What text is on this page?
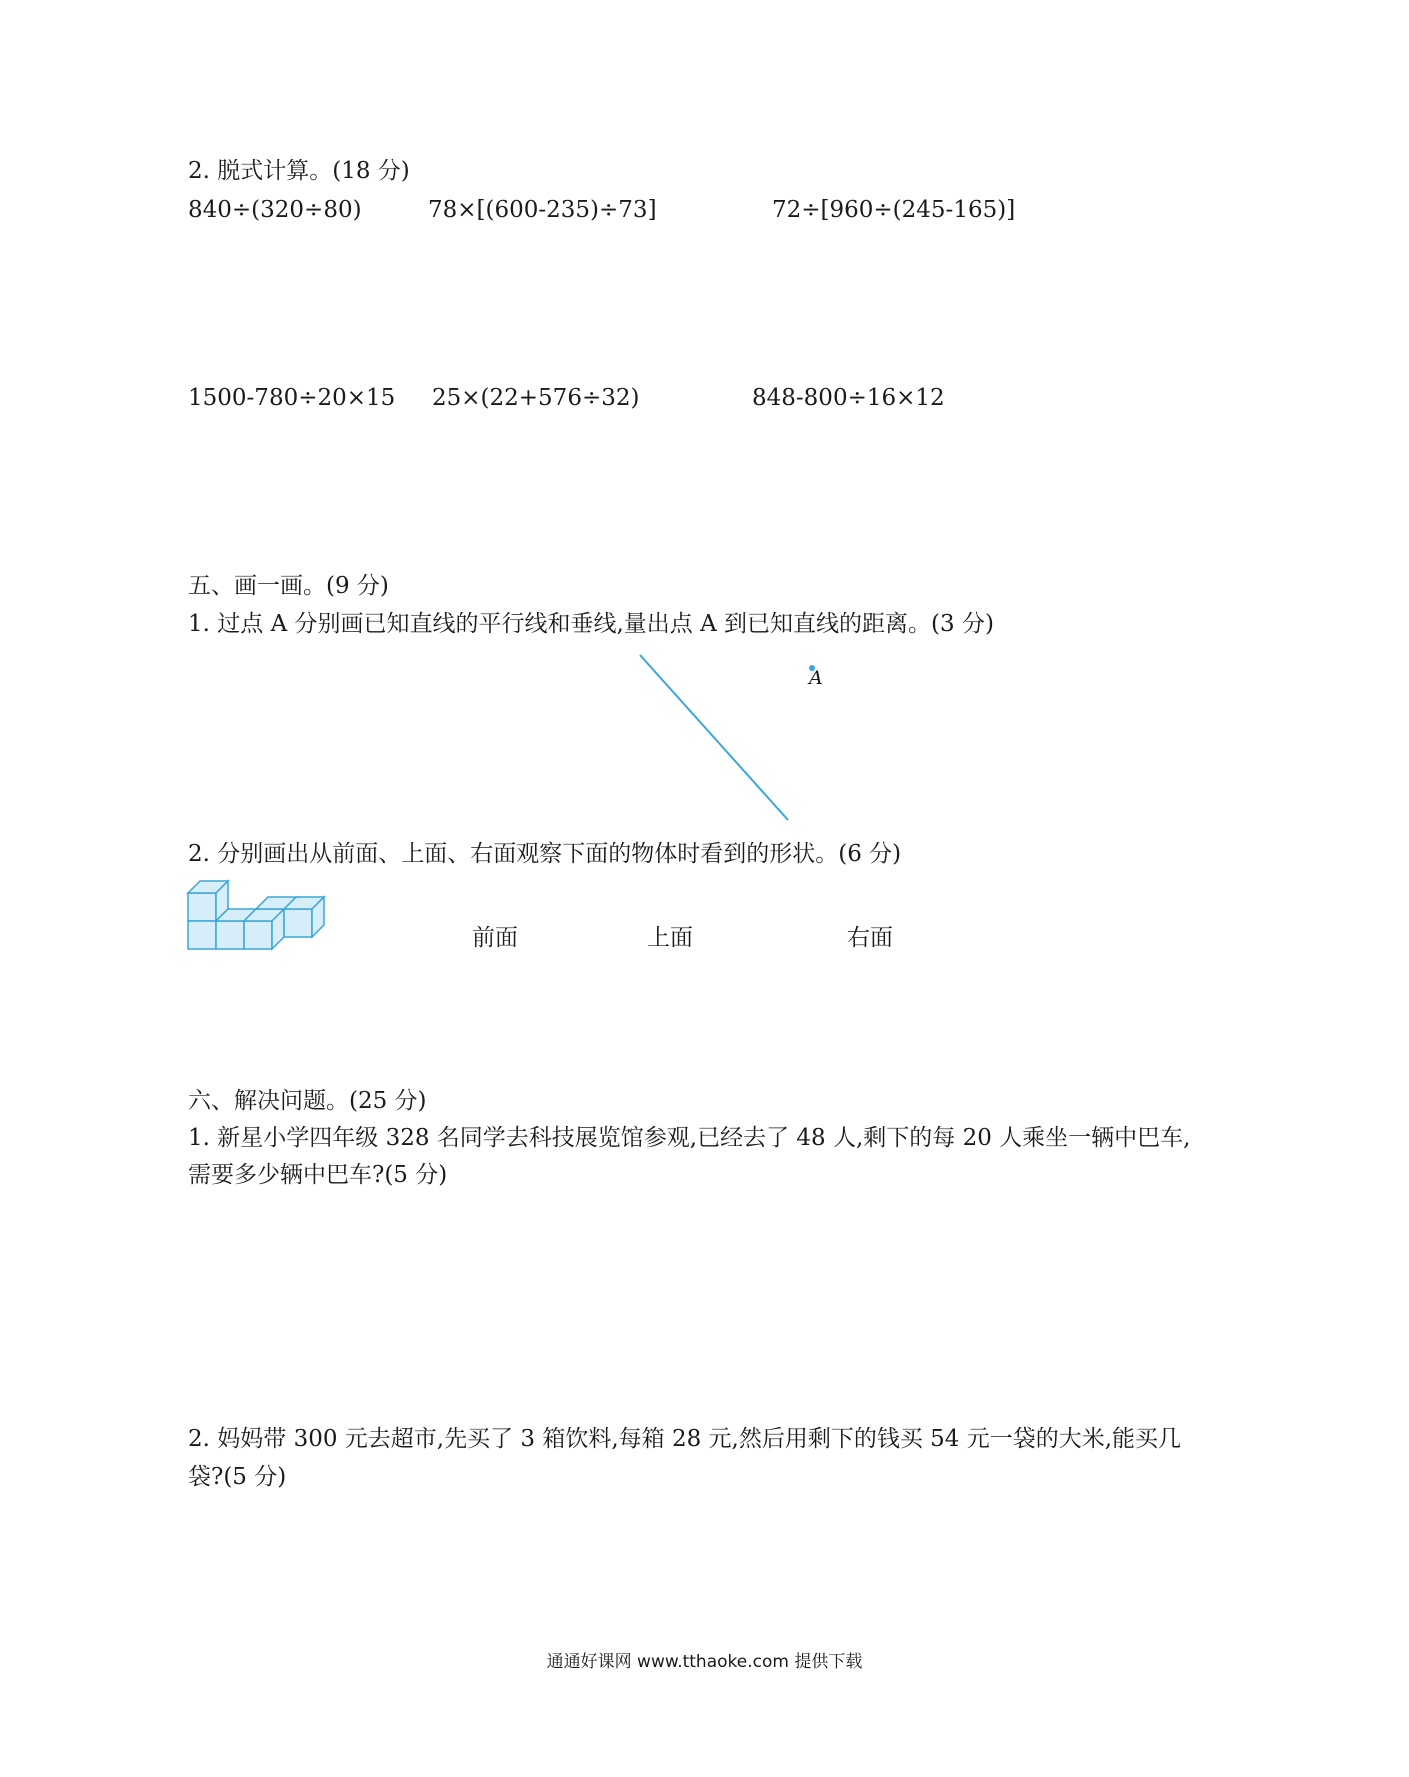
2. 脱式计算。(18 分)
840÷(320÷80)	78×[(600-235)÷73]	72÷[960÷(245-165)]
1500-780÷20×15 25×(22+576÷32)	848-800÷16×12
五、画一画。(9 分)
1. 过点 A 分别画已知直线的平行线和垂线,量出点 A 到已知直线的距离。(3 分)
A
2. 分别画出从前面、上面、右面观察下面的物体时看到的形状。(6 分)
前面	上面	右面
六、解决问题。(25 分)
1. 新星小学四年级 328 名同学去科技展览馆参观,已经去了 48 人,剩下的每 20 人乘坐一辆中巴车,
需要多少辆中巴车?(5 分)
2. 妈妈带 300 元去超市,先买了 3 箱饮料,每箱 28 元,然后用剩下的钱买 54 元一袋的大米,能买几
袋?(5 分)
通通好课网 www.tthaoke.com 提供下载
